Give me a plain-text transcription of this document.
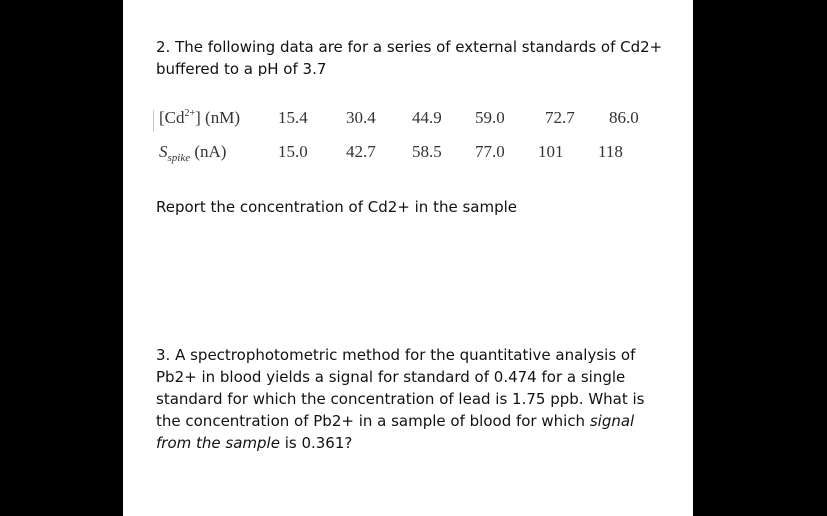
2. The following data are for a series of external standards of Cd2+

buffered to a pH of 3.7
$[Cd^{2+}]$ (nM) 15.4 30.4 44.9 59.0 72.7 86.0
$S_{spike}$ (nA)	15.0 42.7 58.5 77.0 101 118
Report the concentration of Cd2+ in the sample
3. A spectrophotometric method for the quantitative analysis of
Pb2+ in blood yields a signal for standard of 0.474 for a single
standard for which the concentration of lead is 1.75 ppb. What is
the concentration of Pb2+ in a sample of blood for which signal
from the sample is 0.361?
